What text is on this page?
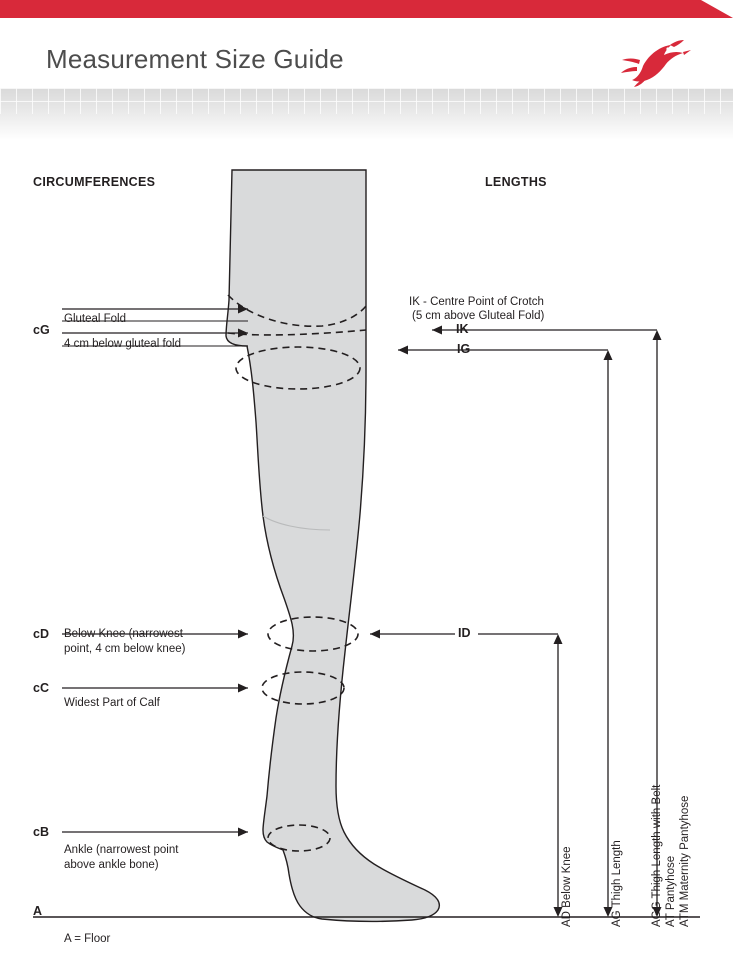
Measurement Size Guide
CIRCUMFERENCES	LENGTHS
cG
Gluteal Fold
4 cm below gluteal fold
cD Below Knee (narrowest
point, 4 cm below knee)
cC
Widest Part of Calf
cB
Ankle (narrowest point
above ankle bone)
IK - Centre Point of Crotch
(5 cm above Gluteal Fold)
IK
IG
ID
AD Below Knee	AG Thigh Length AGG Thigh Length with Belt AT Pantyhose ATM Maternity Pantyhose
A
A = Floor
